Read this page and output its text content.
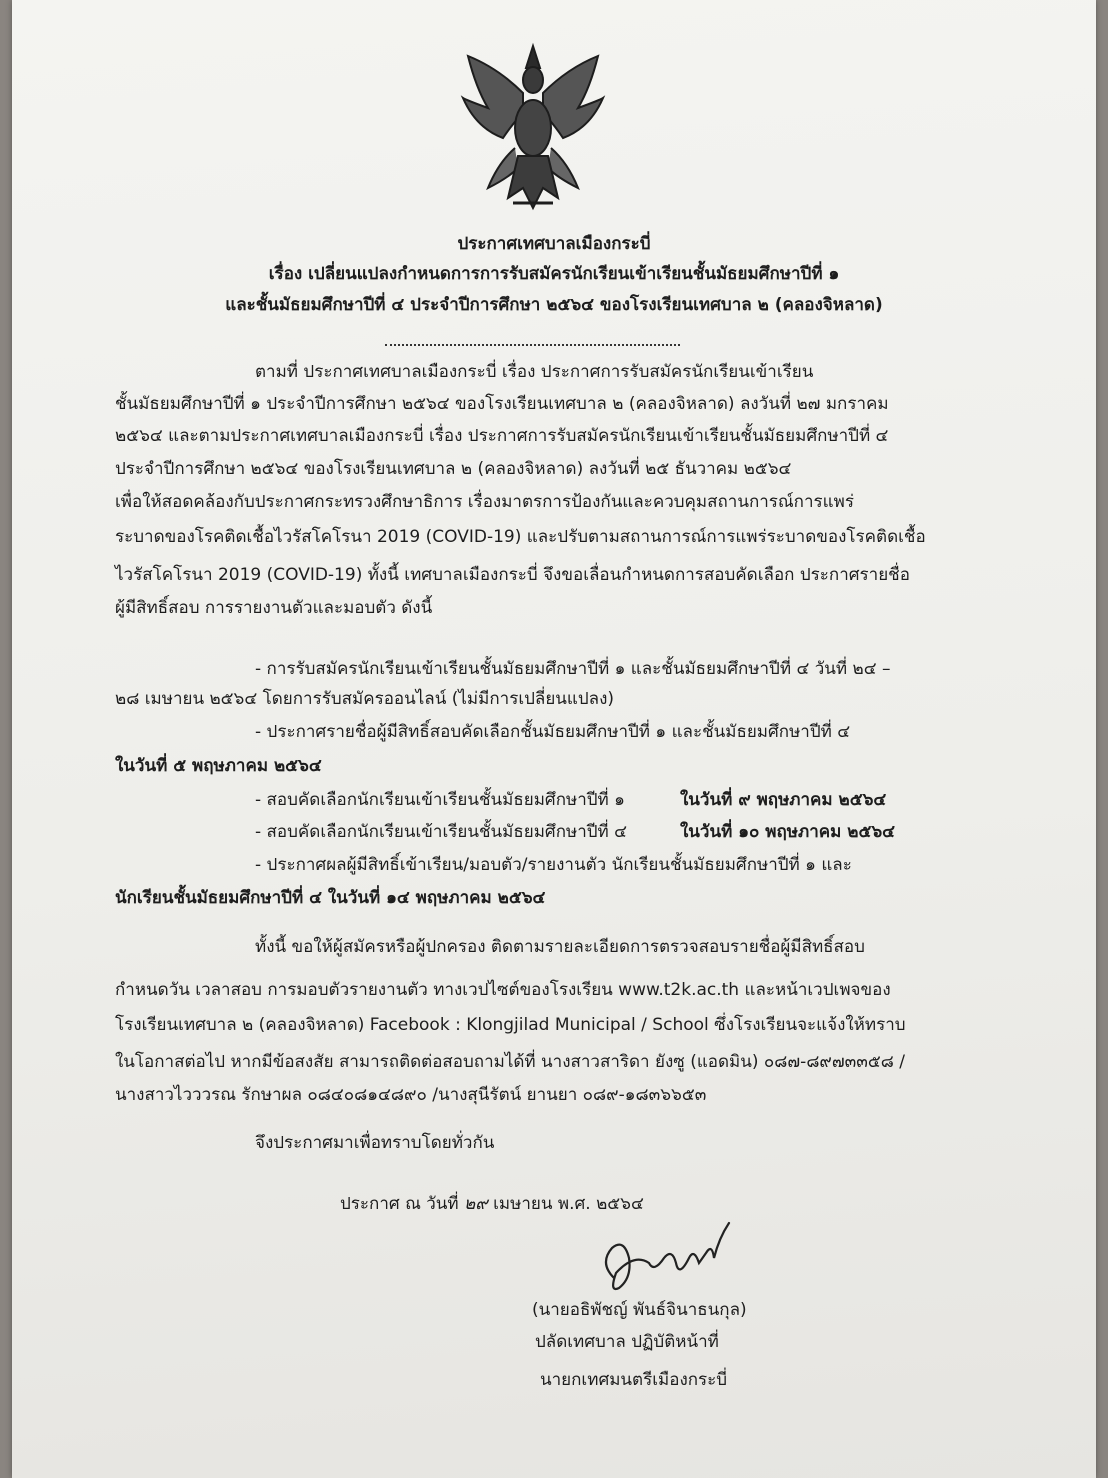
ประกาศเทศบาลเมืองกระบี่

เรื่อง เปลี่ยนแปลงกำหนดการการรับสมัครนักเรียนเข้าเรียนชั้นมัธยมศึกษาปีที่ ๑

และชั้นมัธยมศึกษาปีที่ ๔ ประจำปีการศึกษา ๒๕๖๔ ของโรงเรียนเทศบาล ๒ (คลองจิหลาด)

ตามที่ ประกาศเทศบาลเมืองกระบี่ เรื่อง ประกาศการรับสมัครนักเรียนเข้าเรียน

ชั้นมัธยมศึกษาปีที่ ๑ ประจำปีการศึกษา ๒๕๖๔ ของโรงเรียนเทศบาล ๒ (คลองจิหลาด) ลงวันที่ ๒๗ มกราคม

๒๕๖๔ และตามประกาศเทศบาลเมืองกระบี่ เรื่อง ประกาศการรับสมัครนักเรียนเข้าเรียนชั้นมัธยมศึกษาปีที่ ๔

ประจำปีการศึกษา ๒๕๖๔ ของโรงเรียนเทศบาล ๒ (คลองจิหลาด) ลงวันที่ ๒๕ ธันวาคม ๒๕๖๔

เพื่อให้สอดคล้องกับประกาศกระทรวงศึกษาธิการ เรื่องมาตรการป้องกันและควบคุมสถานการณ์การแพร่

ระบาดของโรคติดเชื้อไวรัสโคโรนา 2019 (COVID-19) และปรับตามสถานการณ์การแพร่ระบาดของโรคติดเชื้อ

ไวรัสโคโรนา 2019 (COVID-19) ทั้งนี้ เทศบาลเมืองกระบี่ จึงขอเลื่อนกำหนดการสอบคัดเลือก ประกาศรายชื่อ

ผู้มีสิทธิ์สอบ การรายงานตัวและมอบตัว ดังนี้

- การรับสมัครนักเรียนเข้าเรียนชั้นมัธยมศึกษาปีที่ ๑ และชั้นมัธยมศึกษาปีที่ ๔ วันที่ ๒๔ –

๒๘ เมษายน ๒๕๖๔ โดยการรับสมัครออนไลน์ (ไม่มีการเปลี่ยนแปลง)

- ประกาศรายชื่อผู้มีสิทธิ์สอบคัดเลือกชั้นมัธยมศึกษาปีที่ ๑ และชั้นมัธยมศึกษาปีที่ ๔

ในวันที่ ๕ พฤษภาคม ๒๕๖๔

- สอบคัดเลือกนักเรียนเข้าเรียนชั้นมัธยมศึกษาปีที่ ๑	ในวันที่ ๙ พฤษภาคม ๒๕๖๔

- สอบคัดเลือกนักเรียนเข้าเรียนชั้นมัธยมศึกษาปีที่ ๔	ในวันที่ ๑๐ พฤษภาคม ๒๕๖๔

- ประกาศผลผู้มีสิทธิ์เข้าเรียน/มอบตัว/รายงานตัว นักเรียนชั้นมัธยมศึกษาปีที่ ๑ และ

นักเรียนชั้นมัธยมศึกษาปีที่ ๔ ในวันที่ ๑๔ พฤษภาคม ๒๕๖๔

ทั้งนี้ ขอให้ผู้สมัครหรือผู้ปกครอง ติดตามรายละเอียดการตรวจสอบรายชื่อผู้มีสิทธิ์สอบ

กำหนดวัน เวลาสอบ การมอบตัวรายงานตัว ทางเวปไซต์ของโรงเรียน www.t2k.ac.th และหน้าเวปเพจของ

โรงเรียนเทศบาล ๒ (คลองจิหลาด) Facebook : Klongjilad Municipal / School ซึ่งโรงเรียนจะแจ้งให้ทราบ

ในโอกาสต่อไป หากมีข้อสงสัย สามารถติดต่อสอบถามได้ที่ นางสาวสาริดา ยังซู (แอดมิน) ๐๘๗-๘๙๗๓๓๕๘ /

นางสาวไวววรณ รักษาผล ๐๘๔๐๘๑๔๘๙๐ /นางสุนีรัตน์ ยานยา ๐๘๙-๑๘๓๖๖๕๓

จึงประกาศมาเพื่อทราบโดยทั่วกัน

ประกาศ ณ วันที่ ๒๙ เมษายน พ.ศ. ๒๕๖๔

(นายอธิพัชญ์ พันธ์จินาธนกุล)

ปลัดเทศบาล ปฏิบัติหน้าที่

นายกเทศมนตรีเมืองกระบี่
